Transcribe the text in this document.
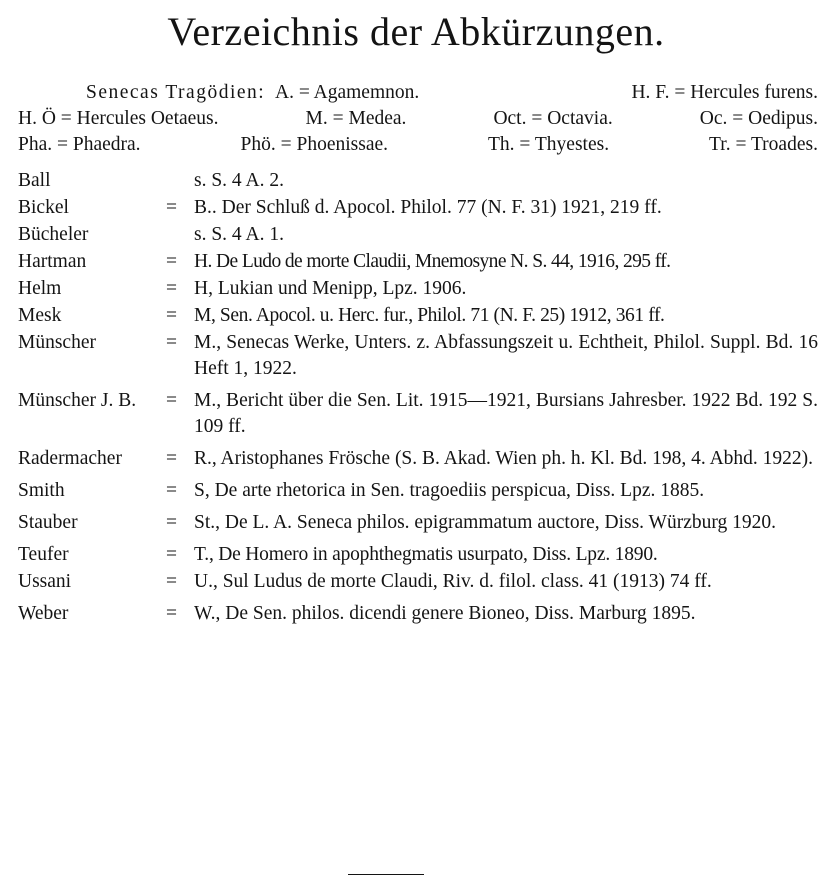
Verzeichnis der Abkürzungen.
Senecas Tragödien: A. = Agamemnon.	H. F. = Hercules furens.
H. Ö = Hercules Oetaeus.	M. = Medea.	Oct. = Octavia.	Oc. = Oedipus.
Pha. = Phaedra.	Phö. = Phoenissae.	Th. = Thyestes.	Tr. = Troades.
Ball	s. S. 4 A. 2.
Bickel	= B.. Der Schluß d. Apocol. Philol. 77 (N. F. 31) 1921, 219 ff.
Bücheler	s. S. 4 A. 1.
Hartman	= H. De Ludo de morte Claudii, Mnemosyne N. S. 44, 1916, 295 ff.
Helm	= H, Lukian und Menipp, Lpz. 1906.
Mesk	= M, Sen. Apocol. u. Herc. fur., Philol. 71 (N. F. 25) 1912, 361 ff.
Münscher	= M., Senecas Werke, Unters. z. Abfassungszeit u. Echtheit, Philol. Suppl. Bd. 16 Heft 1, 1922.
Münscher J. B.	= M., Bericht über die Sen. Lit. 1915—1921, Bursians Jahresber. 1922 Bd. 192 S. 109 ff.
Radermacher	= R., Aristophanes Frösche (S. B. Akad. Wien ph. h. Kl. Bd. 198, 4. Abhd. 1922).
Smith	= S, De arte rhetorica in Sen. tragoediis perspicua, Diss. Lpz. 1885.
Stauber	= St., De L. A. Seneca philos. epigrammatum auctore, Diss. Würzburg 1920.
Teufer	= T., De Homero in apophthegmatis usurpato, Diss. Lpz. 1890.
Ussani	= U., Sul Ludus de morte Claudi, Riv. d. filol. class. 41 (1913) 74 ff.
Weber	= W., De Sen. philos. dicendi genere Bioneo, Diss. Marburg 1895.
